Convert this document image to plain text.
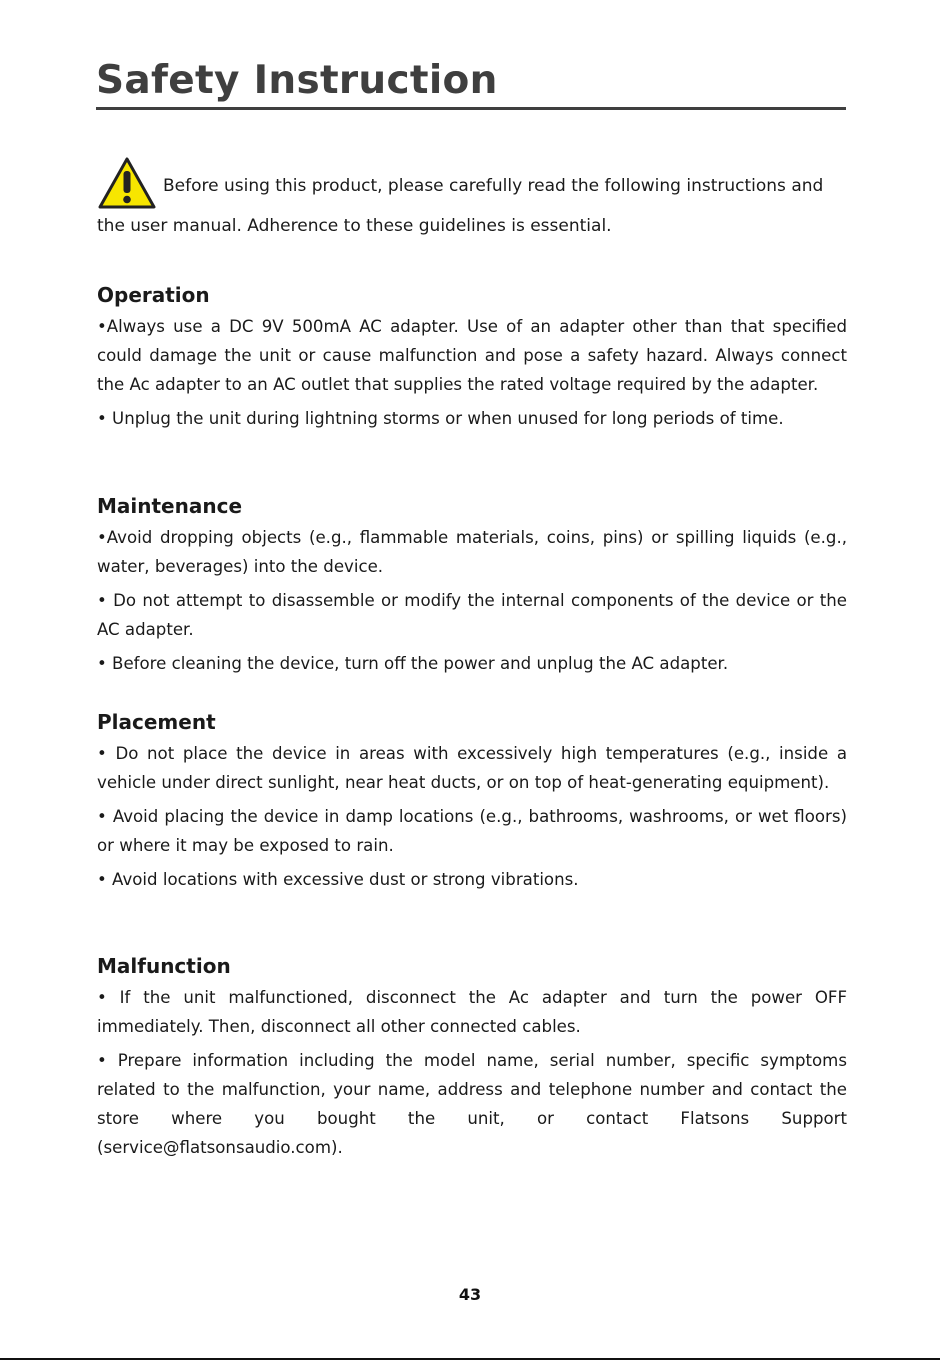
Safety Instruction

Before using this product, please carefully read the following instructions and the user manual. Adherence to these guidelines is essential.

Operation

•Always use a DC 9V 500mA AC adapter. Use of an adapter other than that specified could damage the unit or cause malfunction and pose a safety hazard. Always connect the Ac adapter to an AC outlet that supplies the rated voltage required by the adapter.

• Unplug the unit during lightning storms or when unused for long periods of time.

Maintenance

•Avoid dropping objects (e.g., flammable materials, coins, pins) or spilling liquids (e.g., water, beverages) into the device.

• Do not attempt to disassemble or modify the internal components of the device or the AC adapter.

• Before cleaning the device, turn off the power and unplug the AC adapter.

Placement

• Do not place the device in areas with excessively high temperatures (e.g., inside a vehicle under direct sunlight, near heat ducts, or on top of heat-generating equipment).

• Avoid placing the device in damp locations (e.g., bathrooms, washrooms, or wet floors) or where it may be exposed to rain.

• Avoid locations with excessive dust or strong vibrations.

Malfunction

• If the unit malfunctioned, disconnect the Ac adapter and turn the power OFF immediately. Then, disconnect all other connected cables.

• Prepare information including the model name, serial number, specific symptoms related to the malfunction, your name, address and telephone number and contact the store where you bought the unit, or contact Flatsons Support (service@flatsonsaudio.com).

43
